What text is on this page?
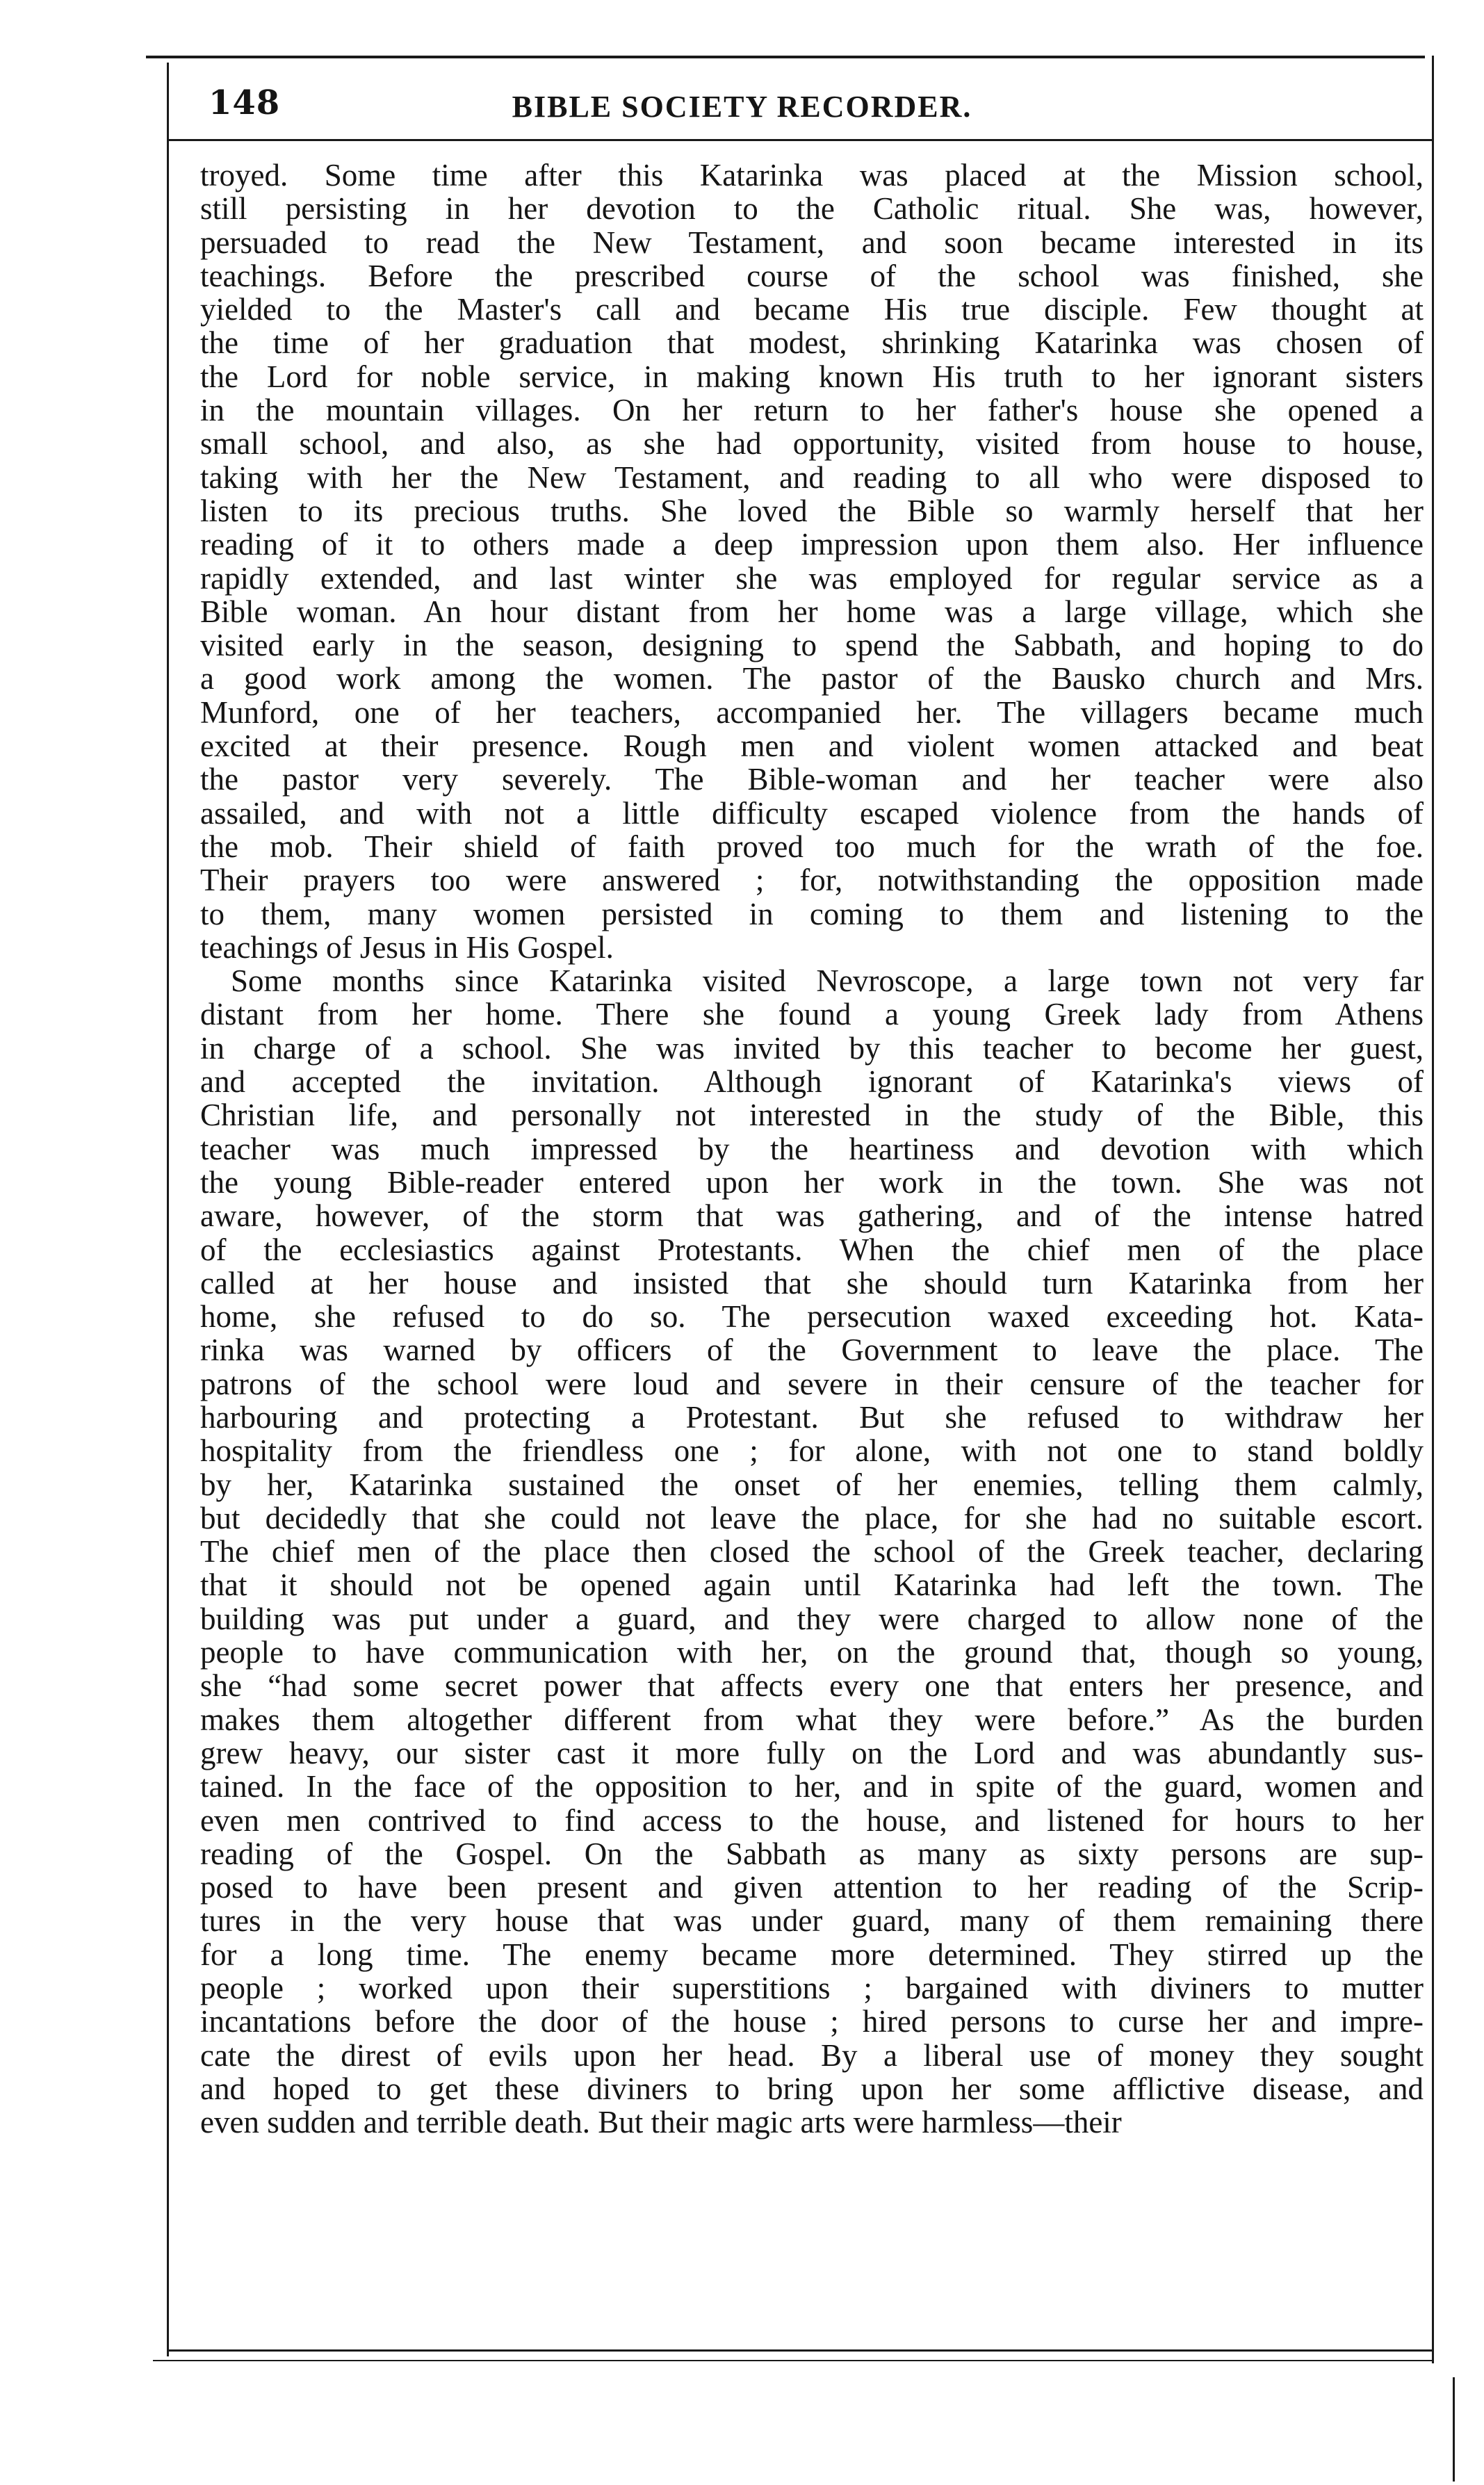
148	BIBLE SOCIETY RECORDER.
troyed. Some time after this Katarinka was placed at the Mission school,
still persisting in her devotion to the Catholic ritual. She was, however,
persuaded to read the New Testament, and soon became interested in its
teachings. Before the prescribed course of the school was finished, she
yielded to the Master's call and became His true disciple. Few thought at
the time of her graduation that modest, shrinking Katarinka was chosen of
the Lord for noble service, in making known His truth to her ignorant sisters
in the mountain villages. On her return to her father's house she opened a
small school, and also, as she had opportunity, visited from house to house,
taking with her the New Testament, and reading to all who were disposed to
listen to its precious truths. She loved the Bible so warmly herself that her
reading of it to others made a deep impression upon them also. Her influence
rapidly extended, and last winter she was employed for regular service as a
Bible woman. An hour distant from her home was a large village, which she
visited early in the season, designing to spend the Sabbath, and hoping to do
a good work among the women. The pastor of the Bausko church and Mrs.
Munford, one of her teachers, accompanied her. The villagers became much
excited at their presence. Rough men and violent women attacked and beat
the pastor very severely. The Bible-woman and her teacher were also
assailed, and with not a little difficulty escaped violence from the hands of
the mob. Their shield of faith proved too much for the wrath of the foe.
Their prayers too were answered ; for, notwithstanding the opposition made
to them, many women persisted in coming to them and listening to the
teachings of Jesus in His Gospel.
Some months since Katarinka visited Nevroscope, a large town not very far
distant from her home. There she found a young Greek lady from Athens
in charge of a school. She was invited by this teacher to become her guest,
and accepted the invitation. Although ignorant of Katarinka's views of
Christian life, and personally not interested in the study of the Bible, this
teacher was much impressed by the heartiness and devotion with which
the young Bible-reader entered upon her work in the town. She was not
aware, however, of the storm that was gathering, and of the intense hatred
of the ecclesiastics against Protestants. When the chief men of the place
called at her house and insisted that she should turn Katarinka from her
home, she refused to do so. The persecution waxed exceeding hot. Kata-
rinka was warned by officers of the Government to leave the place. The
patrons of the school were loud and severe in their censure of the teacher for
harbouring and protecting a Protestant. But she refused to withdraw her
hospitality from the friendless one ; for alone, with not one to stand boldly
by her, Katarinka sustained the onset of her enemies, telling them calmly,
but decidedly that she could not leave the place, for she had no suitable escort.
The chief men of the place then closed the school of the Greek teacher, declaring
that it should not be opened again until Katarinka had left the town. The
building was put under a guard, and they were charged to allow none of the
people to have communication with her, on the ground that, though so young,
she “had some secret power that affects every one that enters her presence, and
makes them altogether different from what they were before.” As the burden
grew heavy, our sister cast it more fully on the Lord and was abundantly sus-
tained. In the face of the opposition to her, and in spite of the guard, women and
even men contrived to find access to the house, and listened for hours to her
reading of the Gospel. On the Sabbath as many as sixty persons are sup-
posed to have been present and given attention to her reading of the Scrip-
tures in the very house that was under guard, many of them remaining there
for a long time. The enemy became more determined. They stirred up the
people ; worked upon their superstitions ; bargained with diviners to mutter
incantations before the door of the house ; hired persons to curse her and impre-
cate the direst of evils upon her head. By a liberal use of money they sought
and hoped to get these diviners to bring upon her some afflictive disease, and
even sudden and terrible death. But their magic arts were harmless—their
